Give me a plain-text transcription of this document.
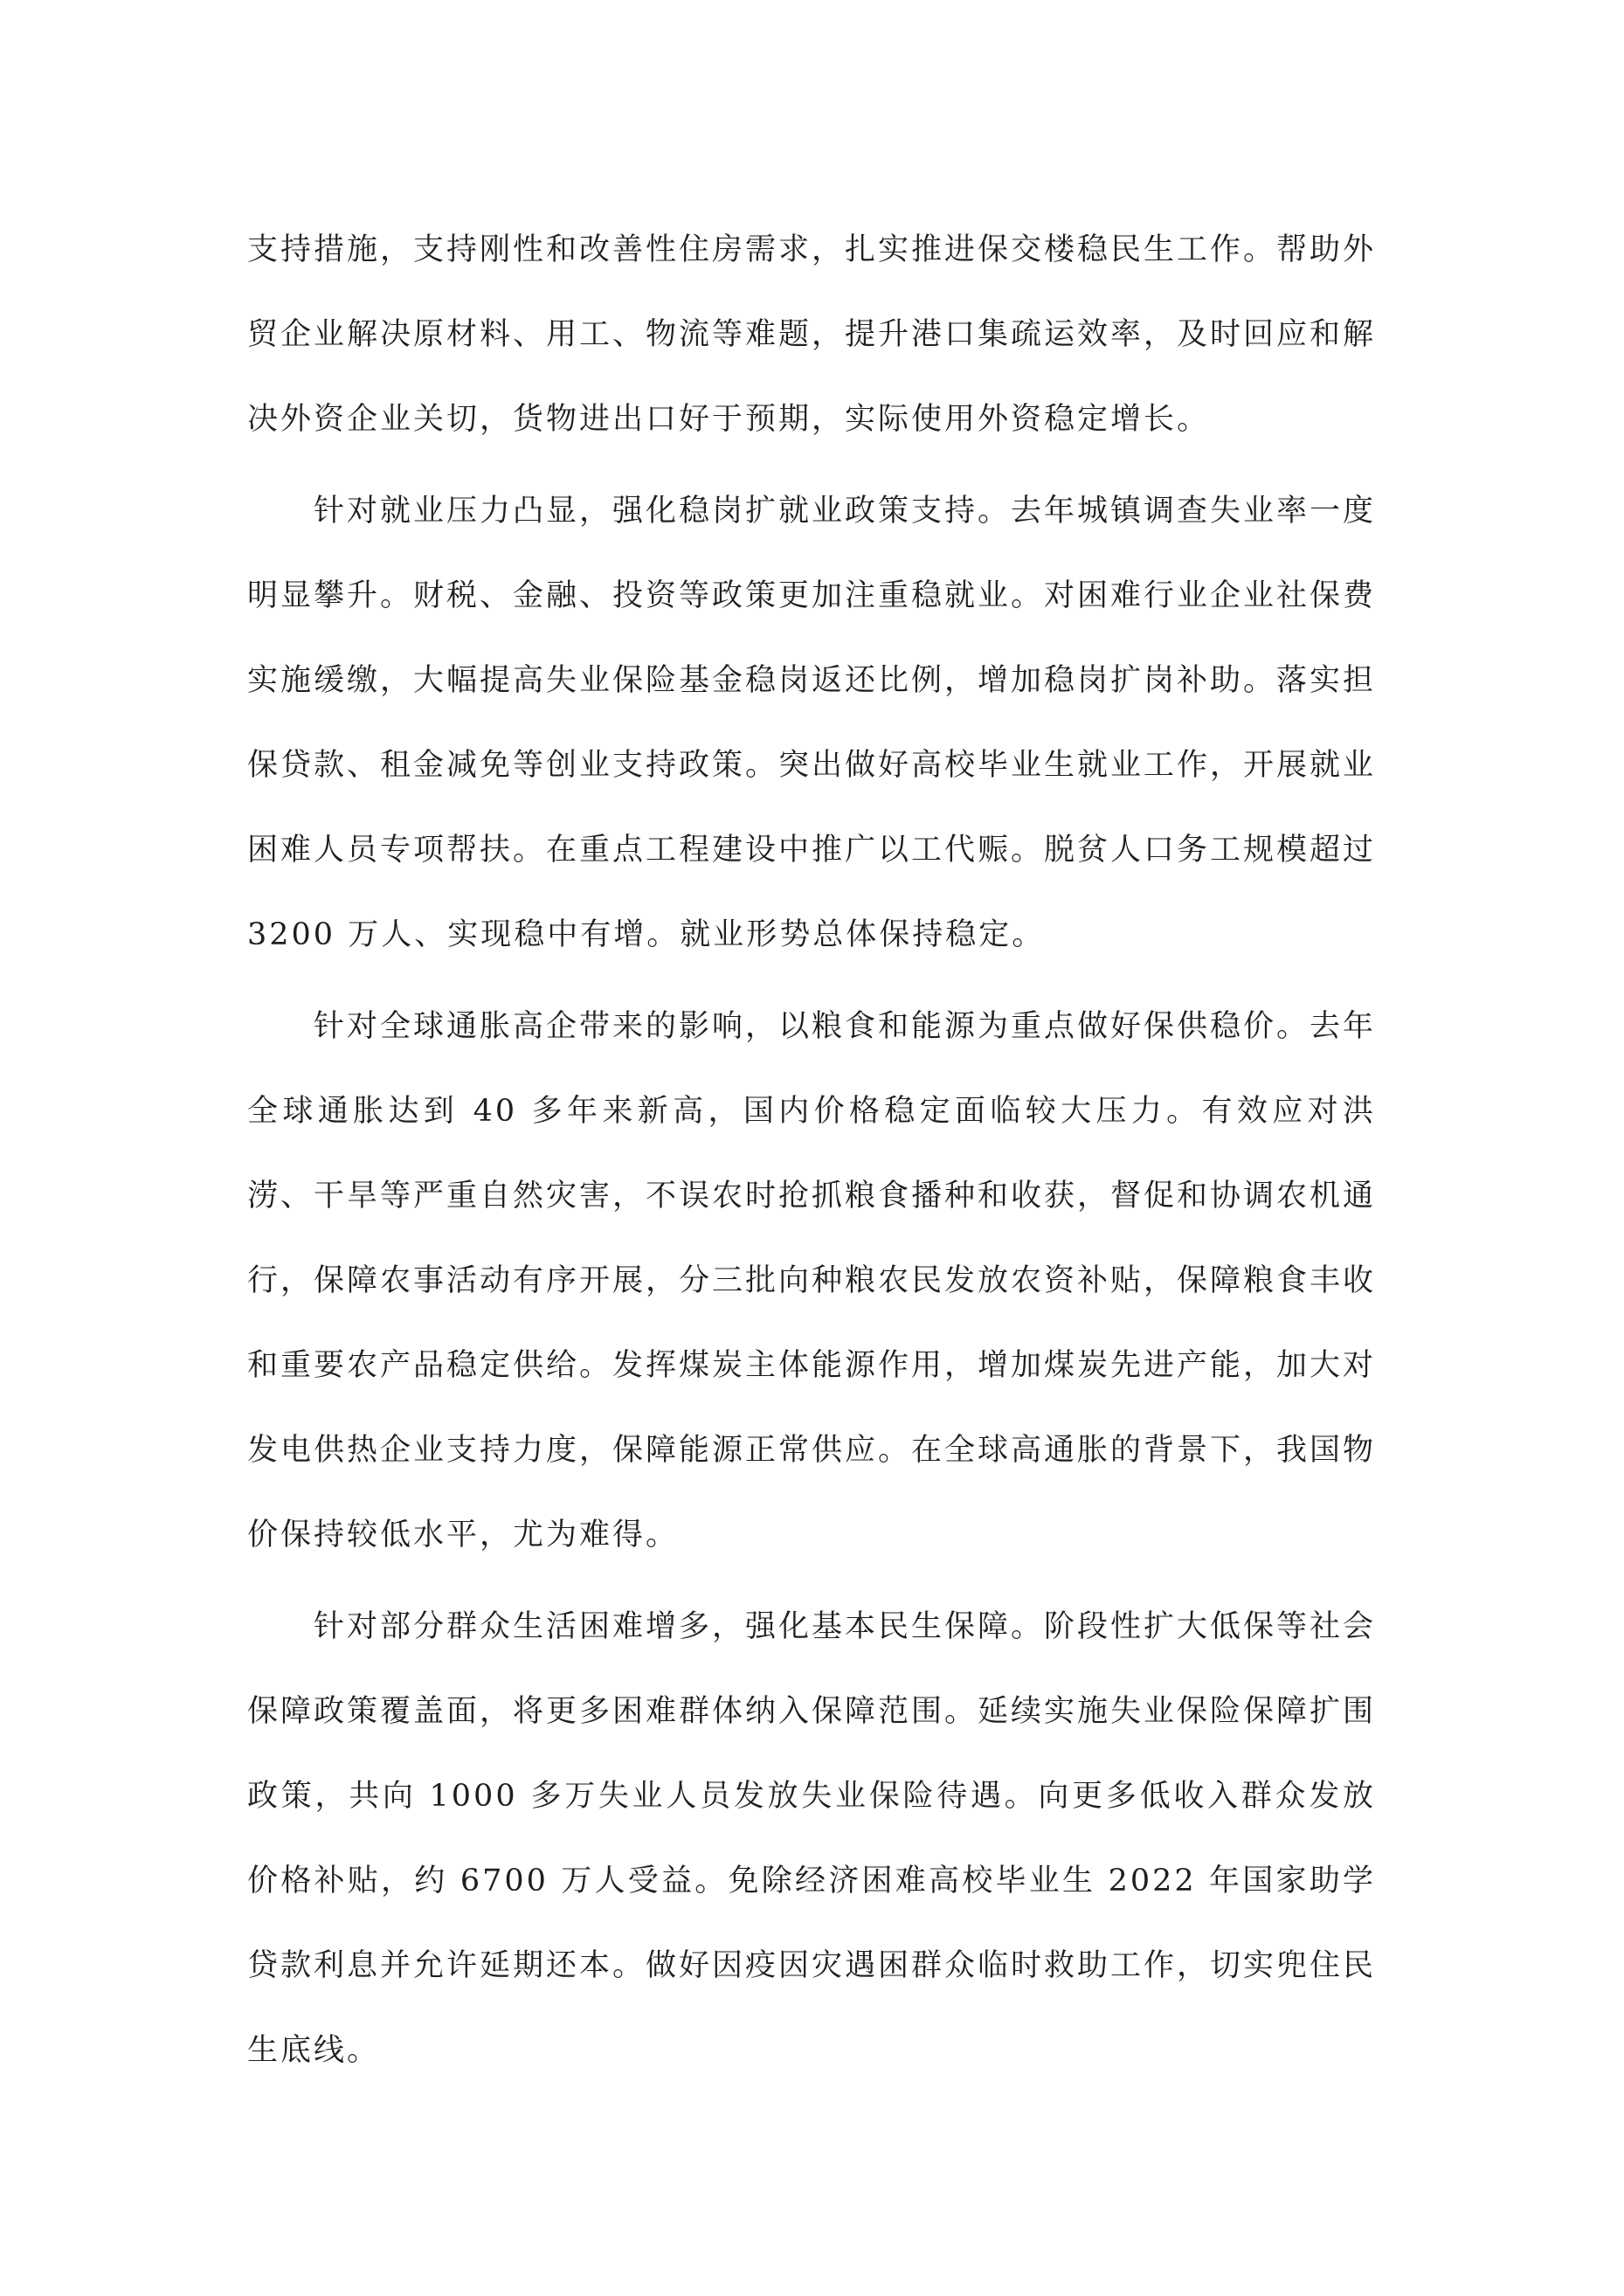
支持措施，支持刚性和改善性住房需求，扎实推进保交楼稳民生工作。帮助外贸企业解决原材料、用工、物流等难题，提升港口集疏运效率，及时回应和解决外资企业关切，货物进出口好于预期，实际使用外资稳定增长。

针对就业压力凸显，强化稳岗扩就业政策支持。去年城镇调查失业率一度明显攀升。财税、金融、投资等政策更加注重稳就业。对困难行业企业社保费实施缓缴，大幅提高失业保险基金稳岗返还比例，增加稳岗扩岗补助。落实担保贷款、租金减免等创业支持政策。突出做好高校毕业生就业工作，开展就业困难人员专项帮扶。在重点工程建设中推广以工代赈。脱贫人口务工规模超过 3200 万人、实现稳中有增。就业形势总体保持稳定。

针对全球通胀高企带来的影响，以粮食和能源为重点做好保供稳价。去年全球通胀达到 40 多年来新高，国内价格稳定面临较大压力。有效应对洪涝、干旱等严重自然灾害，不误农时抢抓粮食播种和收获，督促和协调农机通行，保障农事活动有序开展，分三批向种粮农民发放农资补贴，保障粮食丰收和重要农产品稳定供给。发挥煤炭主体能源作用，增加煤炭先进产能，加大对发电供热企业支持力度，保障能源正常供应。在全球高通胀的背景下，我国物价保持较低水平，尤为难得。

针对部分群众生活困难增多，强化基本民生保障。阶段性扩大低保等社会保障政策覆盖面，将更多困难群体纳入保障范围。延续实施失业保险保障扩围政策，共向 1000 多万失业人员发放失业保险待遇。向更多低收入群众发放价格补贴，约 6700 万人受益。免除经济困难高校毕业生 2022 年国家助学贷款利息并允许延期还本。做好因疫因灾遇困群众临时救助工作，切实兜住民生底线。
